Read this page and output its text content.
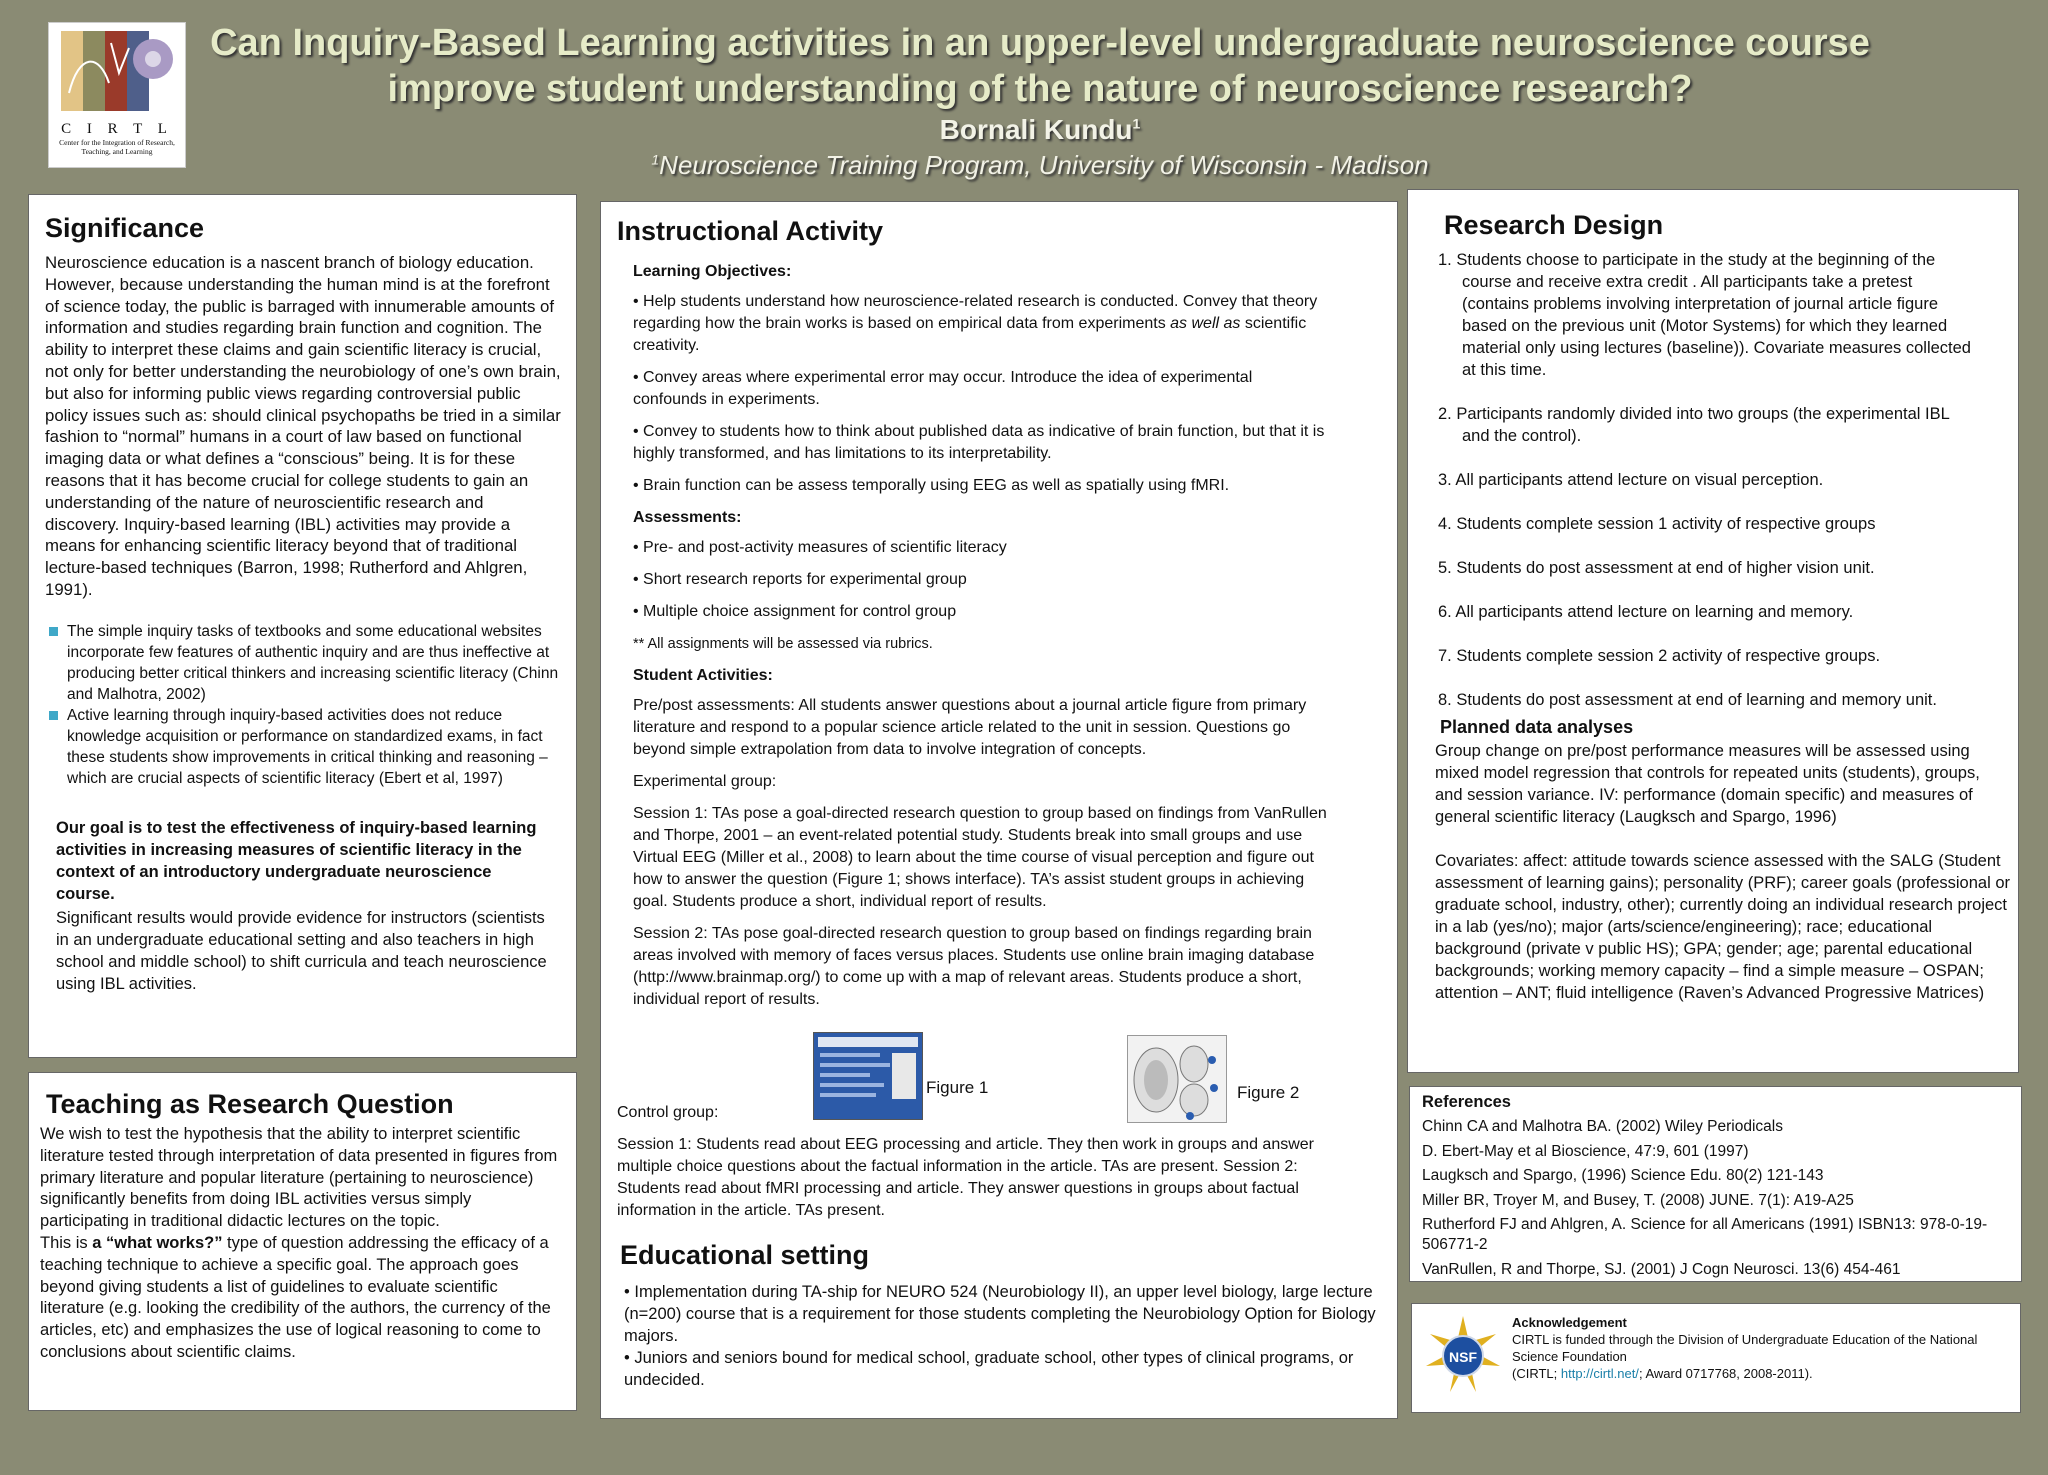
C I R T L
Center for the Integration of Research, Teaching, and Learning
Can Inquiry-Based Learning activities in an upper-level undergraduate neuroscience course
improve student understanding of the nature of neuroscience research?
Bornali Kundu$^1$
$^1$Neuroscience Training Program, University of Wisconsin - Madison
Significance

Neuroscience education is a nascent branch of biology education. However, because understanding the human mind is at the forefront of science today, the public is barraged with innumerable amounts of information and studies regarding brain function and cognition. The ability to interpret these claims and gain scientific literacy is crucial, not only for better understanding the neurobiology of one’s own brain, but also for informing public views regarding controversial public policy issues such as: should clinical psychopaths be tried in a similar fashion to “normal” humans in a court of law based on functional imaging data or what defines a “conscious” being. It is for these reasons that it has become crucial for college students to gain an understanding of the nature of neuroscientific research and discovery. Inquiry-based learning (IBL) activities may provide a means for enhancing scientific literacy beyond that of traditional lecture-based techniques (Barron, 1998; Rutherford and Ahlgren, 1991).

The simple inquiry tasks of textbooks and some educational websites incorporate few features of authentic inquiry and are thus ineffective at producing better critical thinkers and increasing scientific literacy (Chinn and Malhotra, 2002)
Active learning through inquiry-based activities does not reduce knowledge acquisition or performance on standardized exams, in fact these students show improvements in critical thinking and reasoning – which are crucial aspects of scientific literacy (Ebert et al, 1997)

Our goal is to test the effectiveness of inquiry-based learning activities in increasing measures of scientific literacy in the context of an introductory undergraduate neuroscience course.

Significant results would provide evidence for instructors (scientists in an undergraduate educational setting and also teachers in high school and middle school) to shift curricula and teach neuroscience using IBL activities.

Teaching as Research Question

We wish to test the hypothesis that the ability to interpret scientific literature tested through interpretation of data presented in figures from primary literature and popular literature (pertaining to neuroscience) significantly benefits from doing IBL activities versus simply participating in traditional didactic lectures on the topic.

This is a “what works?” type of question addressing the efficacy of a teaching technique to achieve a specific goal. The approach goes beyond giving students a list of guidelines to evaluate scientific literature (e.g. looking the credibility of the authors, the currency of the articles, etc) and emphasizes the use of logical reasoning to come to conclusions about scientific claims.

Instructional Activity

Learning Objectives:

• Help students understand how neuroscience-related research is conducted. Convey that theory regarding how the brain works is based on empirical data from experiments as well as scientific creativity.

• Convey areas where experimental error may occur. Introduce the idea of experimental confounds in experiments.

• Convey to students how to think about published data as indicative of brain function, but that it is highly transformed, and has limitations to its interpretability.

• Brain function can be assess temporally using EEG as well as spatially using fMRI.

Assessments:

• Pre- and post-activity measures of scientific literacy

• Short research reports for experimental group

• Multiple choice assignment for control group

** All assignments will be assessed via rubrics.

Student Activities:

Pre/post assessments: All students answer questions about a journal article figure from primary literature and respond to a popular science article related to the unit in session. Questions go beyond simple extrapolation from data to involve integration of concepts.

Experimental group:

Session 1: TAs pose a goal-directed research question to group based on findings from VanRullen and Thorpe, 2001 – an event-related potential study. Students break into small groups and use Virtual EEG (Miller et al., 2008) to learn about the time course of visual perception and figure out how to answer the question (Figure 1; shows interface). TA’s assist student groups in achieving goal. Students produce a short, individual report of results.

Session 2: TAs pose goal-directed research question to group based on findings regarding brain areas involved with memory of faces versus places. Students use online brain imaging database (http://www.brainmap.org/) to come up with a map of relevant areas. Students produce a short, individual report of results.

Figure 1	Figure 2
Control group:
Session 1: Students read about EEG processing and article. They then work in groups and answer multiple choice questions about the factual information in the article. TAs are present. Session 2: Students read about fMRI processing and article. They answer questions in groups about factual information in the article. TAs present.
Educational setting

• Implementation during TA-ship for NEURO 524 (Neurobiology II), an upper level biology, large lecture (n=200) course that is a requirement for those students completing the Neurobiology Option for Biology majors.

• Juniors and seniors bound for medical school, graduate school, other types of clinical programs, or undecided.

Research Design

1. Students choose to participate in the study at the beginning of the course and receive extra credit . All participants take a pretest (contains problems involving interpretation of journal article figure based on the previous unit (Motor Systems) for which they learned material only using lectures (baseline)). Covariate measures collected at this time.

2. Participants randomly divided into two groups (the experimental IBL and the control).

3. All participants attend lecture on visual perception.

4. Students complete session 1 activity of respective groups

5. Students do post assessment at end of higher vision unit.

6. All participants attend lecture on learning and memory.

7. Students complete session 2 activity of respective groups.

8. Students do post assessment at end of learning and memory unit.

Planned data analyses

Group change on pre/post performance measures will be assessed using mixed model regression that controls for repeated units (students), groups, and session variance. IV: performance (domain specific) and measures of general scientific literacy (Laugksch and Spargo, 1996)

Covariates: affect: attitude towards science assessed with the SALG (Student assessment of learning gains); personality (PRF); career goals (professional or graduate school, industry, other); currently doing an individual research project in a lab (yes/no); major (arts/science/engineering); race; educational background (private v public HS); GPA; gender; age; parental educational backgrounds; working memory capacity – find a simple measure – OSPAN; attention – ANT; fluid intelligence (Raven’s Advanced Progressive Matrices)

References

Chinn CA and Malhotra BA. (2002) Wiley Periodicals

D. Ebert-May et al Bioscience, 47:9, 601 (1997)

Laugksch and Spargo, (1996) Science Edu. 80(2) 121-143

Miller BR, Troyer M, and Busey, T. (2008) JUNE. 7(1): A19-A25

Rutherford FJ and Ahlgren, A. Science for all Americans (1991) ISBN13: 978-0-19-506771-2

VanRullen, R and Thorpe, SJ. (2001) J Cogn Neurosci. 13(6) 454-461

NSF
Acknowledgement
CIRTL is funded through the Division of Undergraduate Education of the National Science Foundation
(CIRTL; http://cirtl.net/; Award 0717768, 2008-2011).
